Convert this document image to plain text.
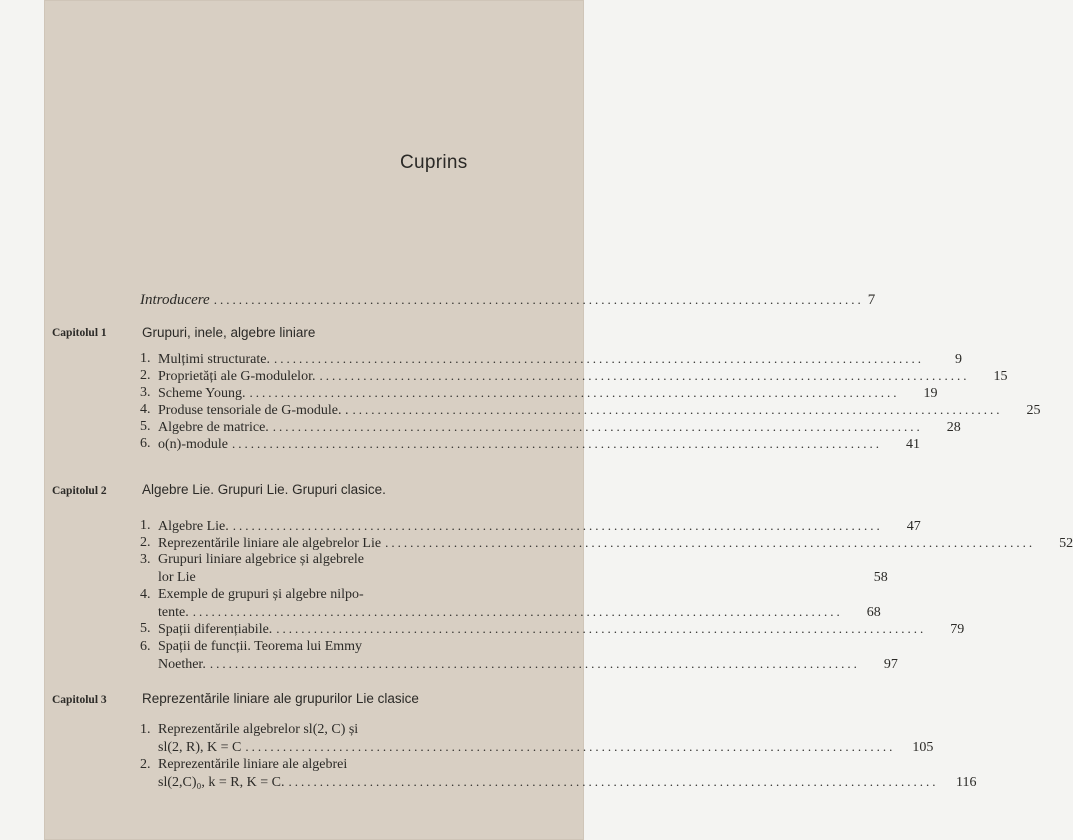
Cuprins
Introducere .....	7
Capitolul 1	Grupuri, inele, algebre liniare
1. Mulțimi structurate. .....	9
2. Proprietăți ale G-modulelor. .....	15
3. Scheme Young. .....	19
4. Produse tensoriale de G-module. . .....	25
5. Algebre de matrice. .....	28
6. o(n)-module .....	41
Capitolul 2	Algebre Lie. Grupuri Lie. Grupuri clasice.
1. Algebre Lie. .....	47
2. Reprezentările liniare ale algebrelor Lie .....	52
3. Grupuri liniare algebrice și algebrele
lor Lie	58
4. Exemple de grupuri și algebre nilpo-
tente. .....	68
5. Spații diferențiabile. .....	79
6. Spații de funcții. Teorema lui Emmy
Noether. .....	97
Capitolul 3	Reprezentările liniare ale grupurilor Lie clasice
1. Reprezentările algebrelor sl(2, C) și
sl(2, R), K = C .....	105
2. Reprezentările liniare ale algebrei
sl(2,C)₀, k = R, K = C. .....	116
